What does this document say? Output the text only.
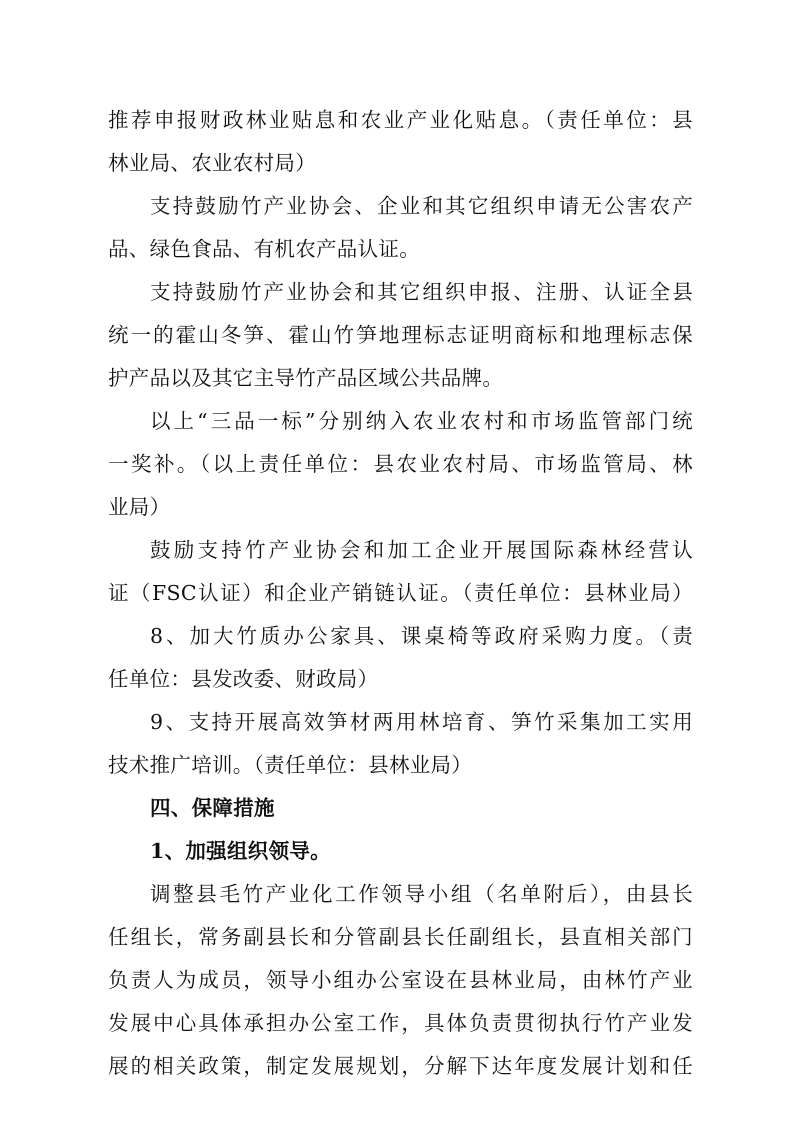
推荐申报财政林业贴息和农业产业化贴息。（责任单位：县
林业局、农业农村局）
支持鼓励竹产业协会、企业和其它组织申请无公害农产
品、绿色食品、有机农产品认证。
支持鼓励竹产业协会和其它组织申报、注册、认证全县
统一的霍山冬笋、霍山竹笋地理标志证明商标和地理标志保
护产品以及其它主导竹产品区域公共品牌。
以上“三品一标”分别纳入农业农村和市场监管部门统
一奖补。（以上责任单位：县农业农村局、市场监管局、林
业局）
鼓励支持竹产业协会和加工企业开展国际森林经营认
证（FSC认证）和企业产销链认证。（责任单位：县林业局）
8、加大竹质办公家具、课桌椅等政府采购力度。（责
任单位：县发改委、财政局）
9、支持开展高效笋材两用林培育、笋竹采集加工实用
技术推广培训。（责任单位：县林业局）
四、保障措施
1、加强组织领导。
调整县毛竹产业化工作领导小组（名单附后），由县长
任组长，常务副县长和分管副县长任副组长，县直相关部门
负责人为成员，领导小组办公室设在县林业局，由林竹产业
发展中心具体承担办公室工作，具体负责贯彻执行竹产业发
展的相关政策，制定发展规划，分解下达年度发展计划和任
